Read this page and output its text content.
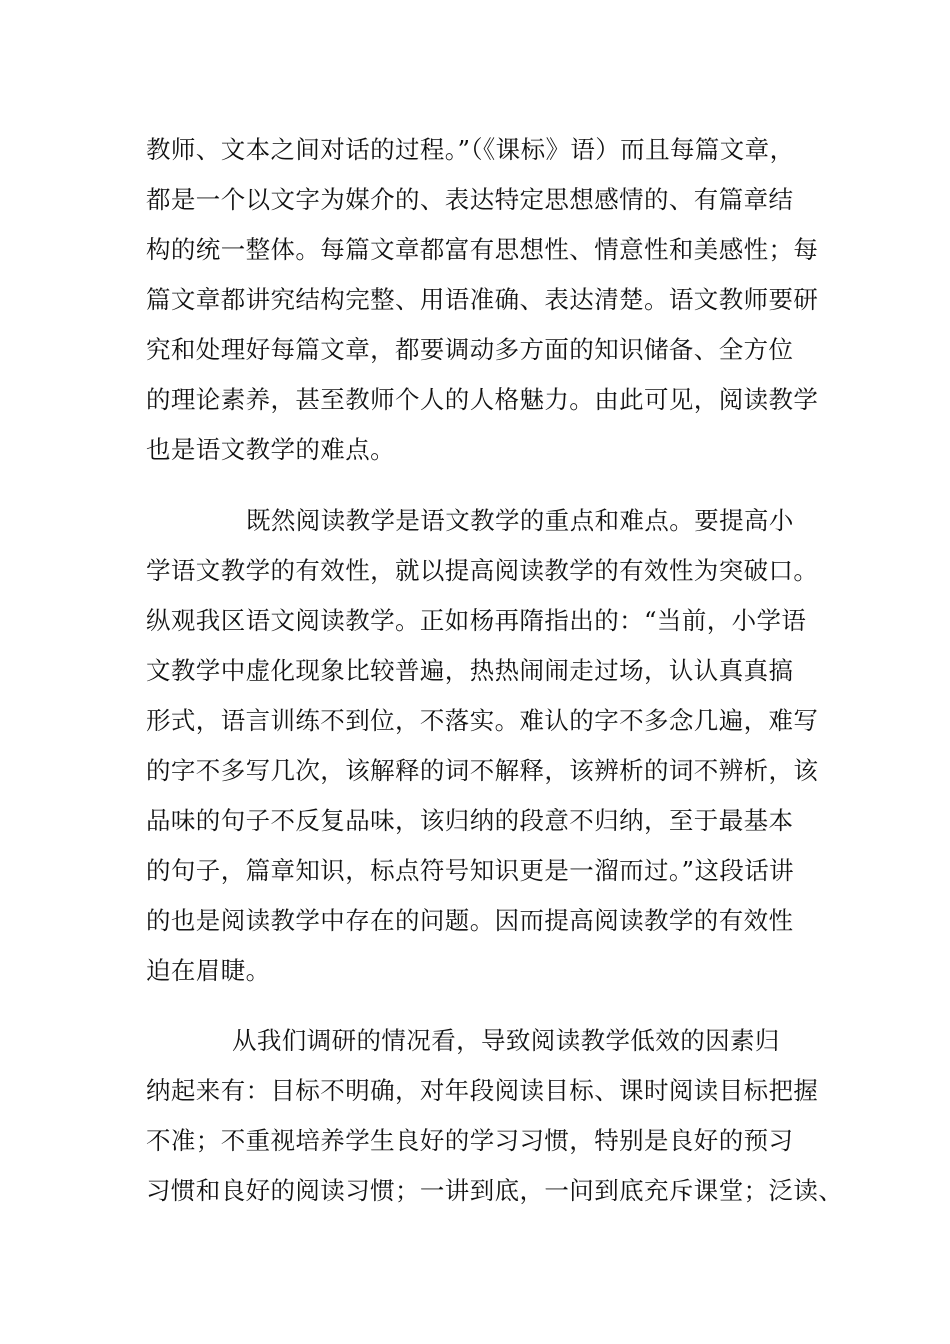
教师、文本之间对话的过程。”（《课标》语）而且每篇文章，
都是一个以文字为媒介的、表达特定思想感情的、有篇章结
构的统一整体。每篇文章都富有思想性、情意性和美感性；每
篇文章都讲究结构完整、用语准确、表达清楚。语文教师要研
究和处理好每篇文章，都要调动多方面的知识储备、全方位
的理论素养，甚至教师个人的人格魅力。由此可见，阅读教学
也是语文教学的难点。
既然阅读教学是语文教学的重点和难点。要提高小
学语文教学的有效性，就以提高阅读教学的有效性为突破口。
纵观我区语文阅读教学。正如杨再隋指出的：“当前，小学语
文教学中虚化现象比较普遍，热热闹闹走过场，认认真真搞
形式，语言训练不到位，不落实。难认的字不多念几遍，难写
的字不多写几次，该解释的词不解释，该辨析的词不辨析，该
品味的句子不反复品味，该归纳的段意不归纳，至于最基本
的句子，篇章知识，标点符号知识更是一溜而过。”这段话讲
的也是阅读教学中存在的问题。因而提高阅读教学的有效性
迫在眉睫。
从我们调研的情况看，导致阅读教学低效的因素归
纳起来有：目标不明确，对年段阅读目标、课时阅读目标把握
不准；不重视培养学生良好的学习习惯，特别是良好的预习
习惯和良好的阅读习惯；一讲到底，一问到底充斥课堂；泛读、
